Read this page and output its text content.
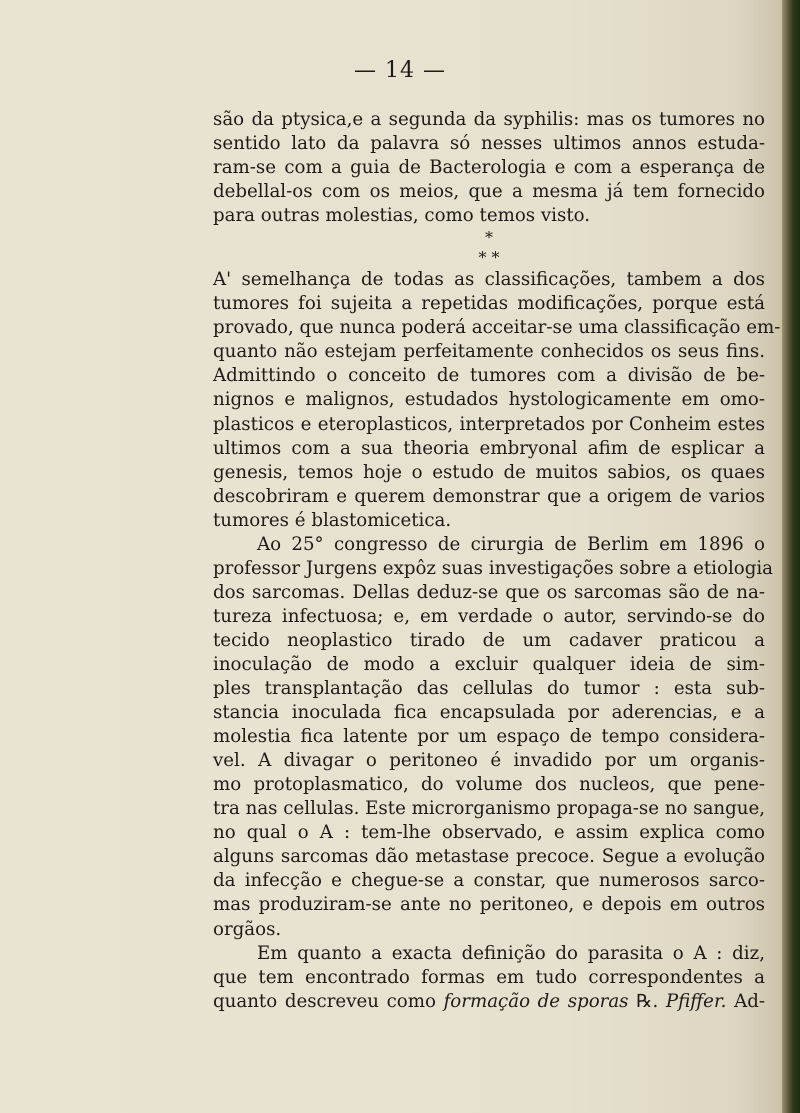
— 14 —
são da ptysica,e a segunda da syphilis: mas os tumores no
sentido lato da palavra só nesses ultimos annos estuda-
ram-se com a guia de Bacterologia e com a esperança de
debellal-os com os meios, que a mesma já tem fornecido
para outras molestias, como temos visto.
*
* *
A' semelhança de todas as classificações, tambem a dos
tumores foi sujeita a repetidas modificações, porque está
provado, que nunca poderá acceitar-se uma classificação em-
quanto não estejam perfeitamente conhecidos os seus fins.
Admittindo o conceito de tumores com a divisão de be-
nignos e malignos, estudados hystologicamente em omo-
plasticos e eteroplasticos, interpretados por Conheim estes
ultimos com a sua theoria embryonal afim de esplicar a
genesis, temos hoje o estudo de muitos sabios, os quaes
descobriram e querem demonstrar que a origem de varios
tumores é blastomicetica.
Ao 25° congresso de cirurgia de Berlim em 1896 o
professor Jurgens expôz suas investigações sobre a etiologia
dos sarcomas. Dellas deduz-se que os sarcomas são de na-
tureza infectuosa; e, em verdade o autor, servindo-se do
tecido neoplastico tirado de um cadaver praticou a
inoculação de modo a excluir qualquer ideia de sim-
ples transplantação das cellulas do tumor : esta sub-
stancia inoculada fica encapsulada por aderencias, e a
molestia fica latente por um espaço de tempo considera-
vel. A divagar o peritoneo é invadido por um organis-
mo protoplasmatico, do volume dos nucleos, que pene-
tra nas cellulas. Este microrganismo propaga-se no sangue,
no qual o A : tem-lhe observado, e assim explica como
alguns sarcomas dão metastase precoce. Segue a evolução
da infecção e chegue-se a constar, que numerosos sarco-
mas produziram-se ante no peritoneo, e depois em outros
orgãos.
Em quanto a exacta definição do parasita o A : diz,
que tem encontrado formas em tudo correspondentes a
quanto descreveu como formação de sporas ℞. Pfiffer. Ad-
